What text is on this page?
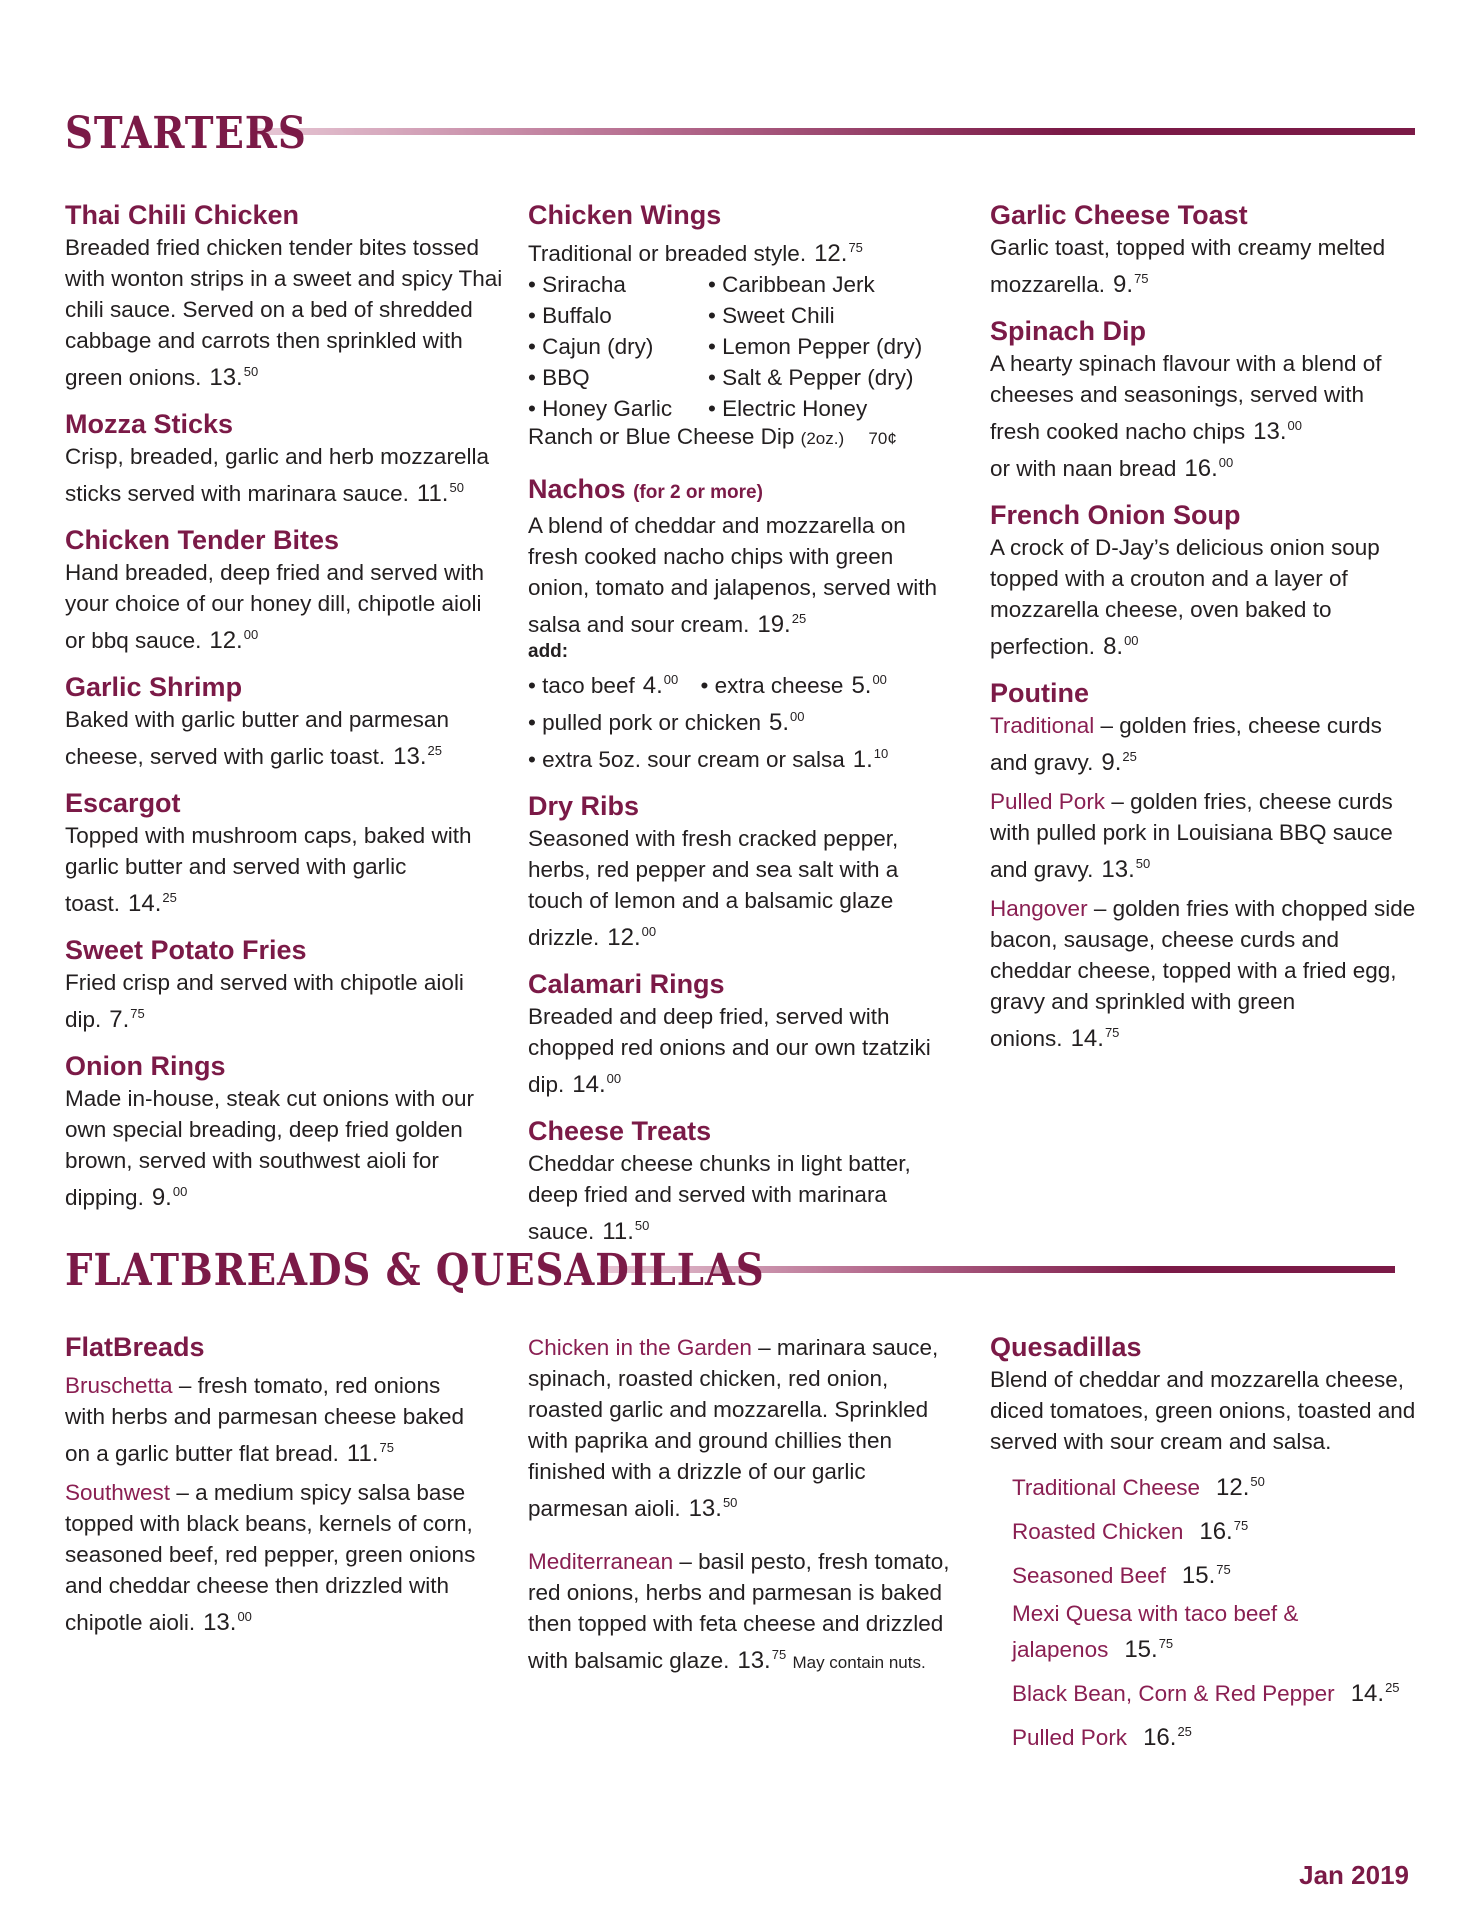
STARTERS
Thai Chili Chicken

Breaded fried chicken tender bites tossed with wonton strips in a sweet and spicy Thai chili sauce. Served on a bed of shredded cabbage and carrots then sprinkled with green onions. 13.50

Mozza Sticks

Crisp, breaded, garlic and herb mozzarella sticks served with marinara sauce. 11.50

Chicken Tender Bites

Hand breaded, deep fried and served with your choice of our honey dill, chipotle aioli or bbq sauce. 12.00

Garlic Shrimp

Baked with garlic butter and parmesan cheese, served with garlic toast. 13.25

Escargot

Topped with mushroom caps, baked with garlic butter and served with garlic toast. 14.25

Sweet Potato Fries

Fried crisp and served with chipotle aioli dip. 7.75

Onion Rings

Made in-house, steak cut onions with our own special breading, deep fried golden brown, served with southwest aioli for dipping. 9.00

Chicken Wings

Traditional or breaded style. 12.75

• Sriracha	• Caribbean Jerk
• Buffalo	• Sweet Chili
• Cajun (dry)	• Lemon Pepper (dry)
• BBQ	• Salt & Pepper (dry)
• Honey Garlic	• Electric Honey
Ranch or Blue Cheese Dip (2oz.) 70¢
Nachos (for 2 or more)

A blend of cheddar and mozzarella on fresh cooked nacho chips with green onion, tomato and jalapenos, served with salsa and sour cream. 19.25

add:
• taco beef 4.00 • extra cheese 5.00
• pulled pork or chicken 5.00
• extra 5oz. sour cream or salsa 1.10
Dry Ribs

Seasoned with fresh cracked pepper, herbs, red pepper and sea salt with a touch of lemon and a balsamic glaze drizzle. 12.00

Calamari Rings

Breaded and deep fried, served with chopped red onions and our own tzatziki dip. 14.00

Cheese Treats

Cheddar cheese chunks in light batter, deep fried and served with marinara sauce. 11.50

Garlic Cheese Toast

Garlic toast, topped with creamy melted mozzarella. 9.75

Spinach Dip

A hearty spinach flavour with a blend of cheeses and seasonings, served with fresh cooked nacho chips 13.00

or with naan bread 16.00

French Onion Soup

A crock of D-Jay’s delicious onion soup topped with a crouton and a layer of mozzarella cheese, oven baked to perfection. 8.00

Poutine

Traditional – golden fries, cheese curds and gravy. 9.25

Pulled Pork – golden fries, cheese curds with pulled pork in Louisiana BBQ sauce and gravy. 13.50

Hangover – golden fries with chopped side bacon, sausage, cheese curds and cheddar cheese, topped with a fried egg, gravy and sprinkled with green onions. 14.75

FLATBREADS & QUESADILLAS
FlatBreads

Bruschetta – fresh tomato, red onions with herbs and parmesan cheese baked on a garlic butter flat bread. 11.75

Southwest – a medium spicy salsa base topped with black beans, kernels of corn, seasoned beef, red pepper, green onions and cheddar cheese then drizzled with chipotle aioli. 13.00

Chicken in the Garden – marinara sauce, spinach, roasted chicken, red onion, roasted garlic and mozzarella. Sprinkled with paprika and ground chillies then finished with a drizzle of our garlic parmesan aioli. 13.50

Mediterranean – basil pesto, fresh tomato, red onions, herbs and parmesan is baked then topped with feta cheese and drizzled with balsamic glaze. 13.75 May contain nuts.

Quesadillas

Blend of cheddar and mozzarella cheese, diced tomatoes, green onions, toasted and served with sour cream and salsa.

Traditional Cheese 12.50
Roasted Chicken 16.75
Seasoned Beef 15.75
Mexi Quesa with taco beef & jalapenos 15.75
Black Bean, Corn & Red Pepper 14.25
Pulled Pork 16.25
Jan 2019
